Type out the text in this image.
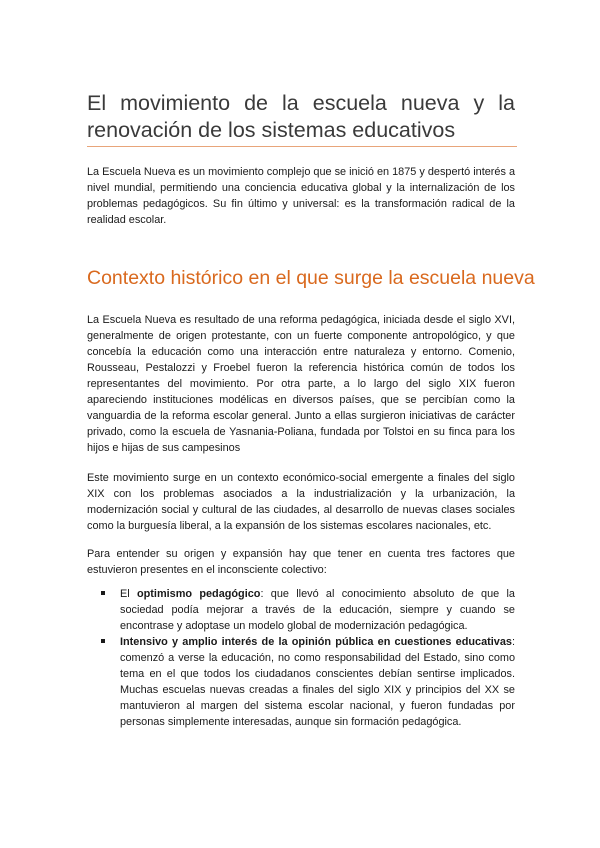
El movimiento de la escuela nueva y la renovación de los sistemas educativos

La Escuela Nueva es un movimiento complejo que se inició en 1875 y despertó interés a nivel mundial, permitiendo una conciencia educativa global y la internalización de los problemas pedagógicos. Su fin último y universal: es la transformación radical de la realidad escolar.

Contexto histórico en el que surge la escuela nueva

La Escuela Nueva es resultado de una reforma pedagógica, iniciada desde el siglo XVI, generalmente de origen protestante, con un fuerte componente antropológico, y que concebía la educación como una interacción entre naturaleza y entorno. Comenio, Rousseau, Pestalozzi y Froebel fueron la referencia histórica común de todos los representantes del movimiento. Por otra parte, a lo largo del siglo XIX fueron apareciendo instituciones modélicas en diversos países, que se percibían como la vanguardia de la reforma escolar general. Junto a ellas surgieron iniciativas de carácter privado, como la escuela de Yasnania-Poliana, fundada por Tolstoi en su finca para los hijos e hijas de sus campesinos

Este movimiento surge en un contexto económico-social emergente a finales del siglo XIX con los problemas asociados a la industrialización y la urbanización, la modernización social y cultural de las ciudades, al desarrollo de nuevas clases sociales como la burguesía liberal, a la expansión de los sistemas escolares nacionales, etc.

Para entender su origen y expansión hay que tener en cuenta tres factores que estuvieron presentes en el inconsciente colectivo:

El optimismo pedagógico: que llevó al conocimiento absoluto de que la sociedad podía mejorar a través de la educación, siempre y cuando se encontrase y adoptase un modelo global de modernización pedagógica.
Intensivo y amplio interés de la opinión pública en cuestiones educativas: comenzó a verse la educación, no como responsabilidad del Estado, sino como tema en el que todos los ciudadanos conscientes debían sentirse implicados. Muchas escuelas nuevas creadas a finales del siglo XIX y principios del XX se mantuvieron al margen del sistema escolar nacional, y fueron fundadas por personas simplemente interesadas, aunque sin formación pedagógica.
